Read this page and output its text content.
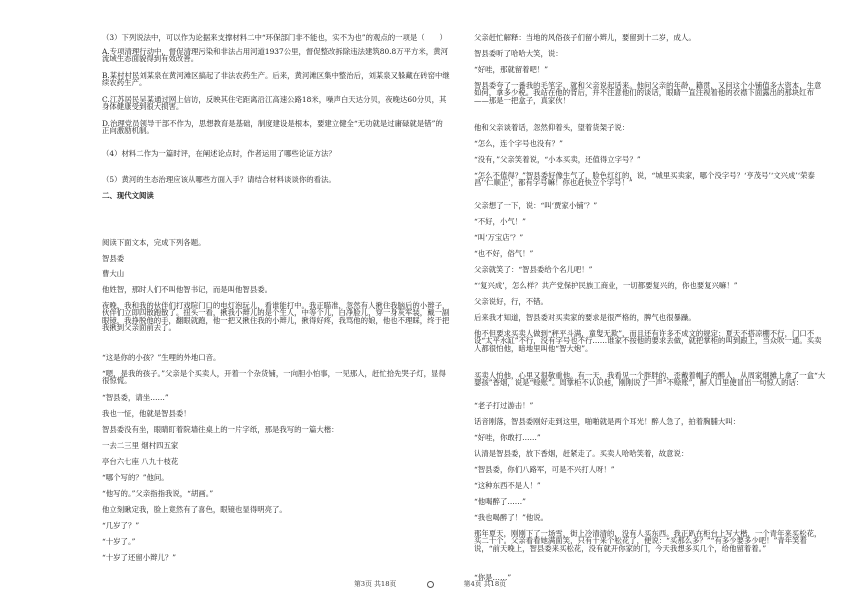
（3）下列说法中，可以作为论据来支撑材料二中“环保部门非不能也，实不为也”的观点的一项是（　　）

A.专项清理行动中，督促清理污染和非法占用河道1937公里，督促整改拆除违法建筑80.8万平方米，黄河流域生态面貌得到有效改善。

B.某村村民刘某泉在黄河滩区搞起了非法农药生产。后来，黄河滩区集中整治后，刘某泉又躲藏在砖窑中继续农药生产。

C.江苏居民吴某通过网上信访，反映其住宅距离沿江高速公路18米，噪声白天达分贝，夜晚达60分贝，其身体健康受到很大损害。

D.治理党员领导干部不作为，思想教育是基础，制度建设是根本，要建立健全“无功就是过庸碌就是错”的正向激励机制。

（4）材料二作为一篇时评，在阐述论点时，作者运用了哪些论证方法？

（5）黄河的生态治理应该从哪些方面入手？请结合材料谈谈你的看法。

二、现代文阅读

阅读下面文本，完成下列各题。

智县委

曹大山

他姓智，那时人们不叫他智书记，而是叫他智县委。

夜晚，我和我的伙伴们打戏院门口的电灯泡玩儿，看谁能打中。我正瞄准，忽然有人揪住我脑后的小辫子，伙伴们立即四散跑散了。扭头一看，揪我小辫儿的是个生人，中等个儿，白净脸儿，穿一身灰军装，戴一副眼镜，我挣脱他的手，翻眼就跑，他一把又揪住我的小辫儿，揪得好疼，我骂他的娘，他也不理睬，终于把我揪到父亲面前去了。

“这是你的小孩？”生哩的外地口音。

“嗯，是我的孩子。”父亲是个买卖人，开着一个杂货铺，一向胆小怕事，一见那人，赶忙拾先哭子灯，显得很惊慌。

“智县委，请坐……”

我也一怔，他就是智县委！

智县委没有坐，眼睛盯着院墙往桌上的一片字纸，那是我写的一篇大楷：

一去二三里 烟村四五家

亭台六七座 八九十枝花

“哪个写的？”他问。

“他写的。”父亲指指我说，“胡画。”

他立刻瞅定我，脸上竟然有了喜色，眼镜也显得明亮了。

“几岁了？”

“十岁了。”

“十岁了还留小辫儿？”

父亲赶忙解释：当地的风俗孩子们留小辫儿，要留到十二岁，成人。

智县委听了哈哈大笑，说：

“好哇，那就留着吧！”

智县委夸了一番我的毛笔字，就和父亲说起话来。他问父亲的年龄，籍贯，又问这个小铺值多大资本，生意如何，拿多少税。我站在他的背后，并不注意他们的谈话，眼睛一直注视着他的衣襟下面露出的那块红布——那是一把盒子，真家伙！

他和父亲谈着话，忽然仰着头，望着货架子说：

“怎么，连个字号也没有？”

“没有，”父亲笑着说，“小本买卖，还值得立字号？”

“怎么不值得？”智县委好像生气了，脸色红红的，说，“城里买卖家，哪个没字号？‘亨茂号’‘文兴成’‘荣泰昌’‘仁顺正’，都有字号嘛！你也赶快立个字号！”

父亲想了一下，说：“叫‘贾家小铺’？”

“不好，小气！”

“叫‘万宝店’？”

“也不好，俗气！”

父亲就笑了：“智县委给个名儿吧！”

“‘复兴成’，怎么样？共产党保护民族工商业，一切都要复兴的，你也要复兴嘛！”

父亲说好，行，不错。

后来我才知道，智县委对买卖家的要求是很严格的，脾气也很暴躁。

他不但要求买卖人做到“秤平斗满，童叟无欺”，而且还有许多不成文的规定：夏天不搭凉棚不行，门口不设“太平水缸”不行，没有字号也不行……谁家不按他的要求去做，就把掌柜的叫到跟上，当众吹一通。买卖人都很怕他，暗地里叫他“智大炮”。

买卖人怕他，心里又很敬重他。有一天，我看见一个胖胖的、歪戴着帽子的醉人，从周家烟摊上拿了一盒“大婴孩”香烟，说是“赊账”。周掌柜不认识他，刚刚说了一声“不赊账”，醉人口里便冒出一句惊人的话：

“老子打过游击！”

话音刚落，智县委刚好走到这里，啪啪就是两个耳光！醉人急了，拍着胸脯大叫：

“好哇，你敢打……”

认清是智县委，放下香烟，赶紧走了。买卖人哈哈笑着，故意说：

“智县委，你们八路军，可是不兴打人呀！”

“这种东西不是人！”

“他喝醉了……”

“我也喝醉了！”他说。

那年夏天，刚刚下了一场雪，街上冷清清的，没有人买东西。我正趴在柜台上写大楷，一个青年来买松花，买二十个。父亲看看她满面笑，只有十来个松花了，便说：“买那么多？”“有多少要多少吧！”青年笑着说，“前天晚上，智县委来买松花，没有就开你家的门，今天我想多买几个，给他留着着。”

“你是……”

第3页 共18页	第4页 共18页
